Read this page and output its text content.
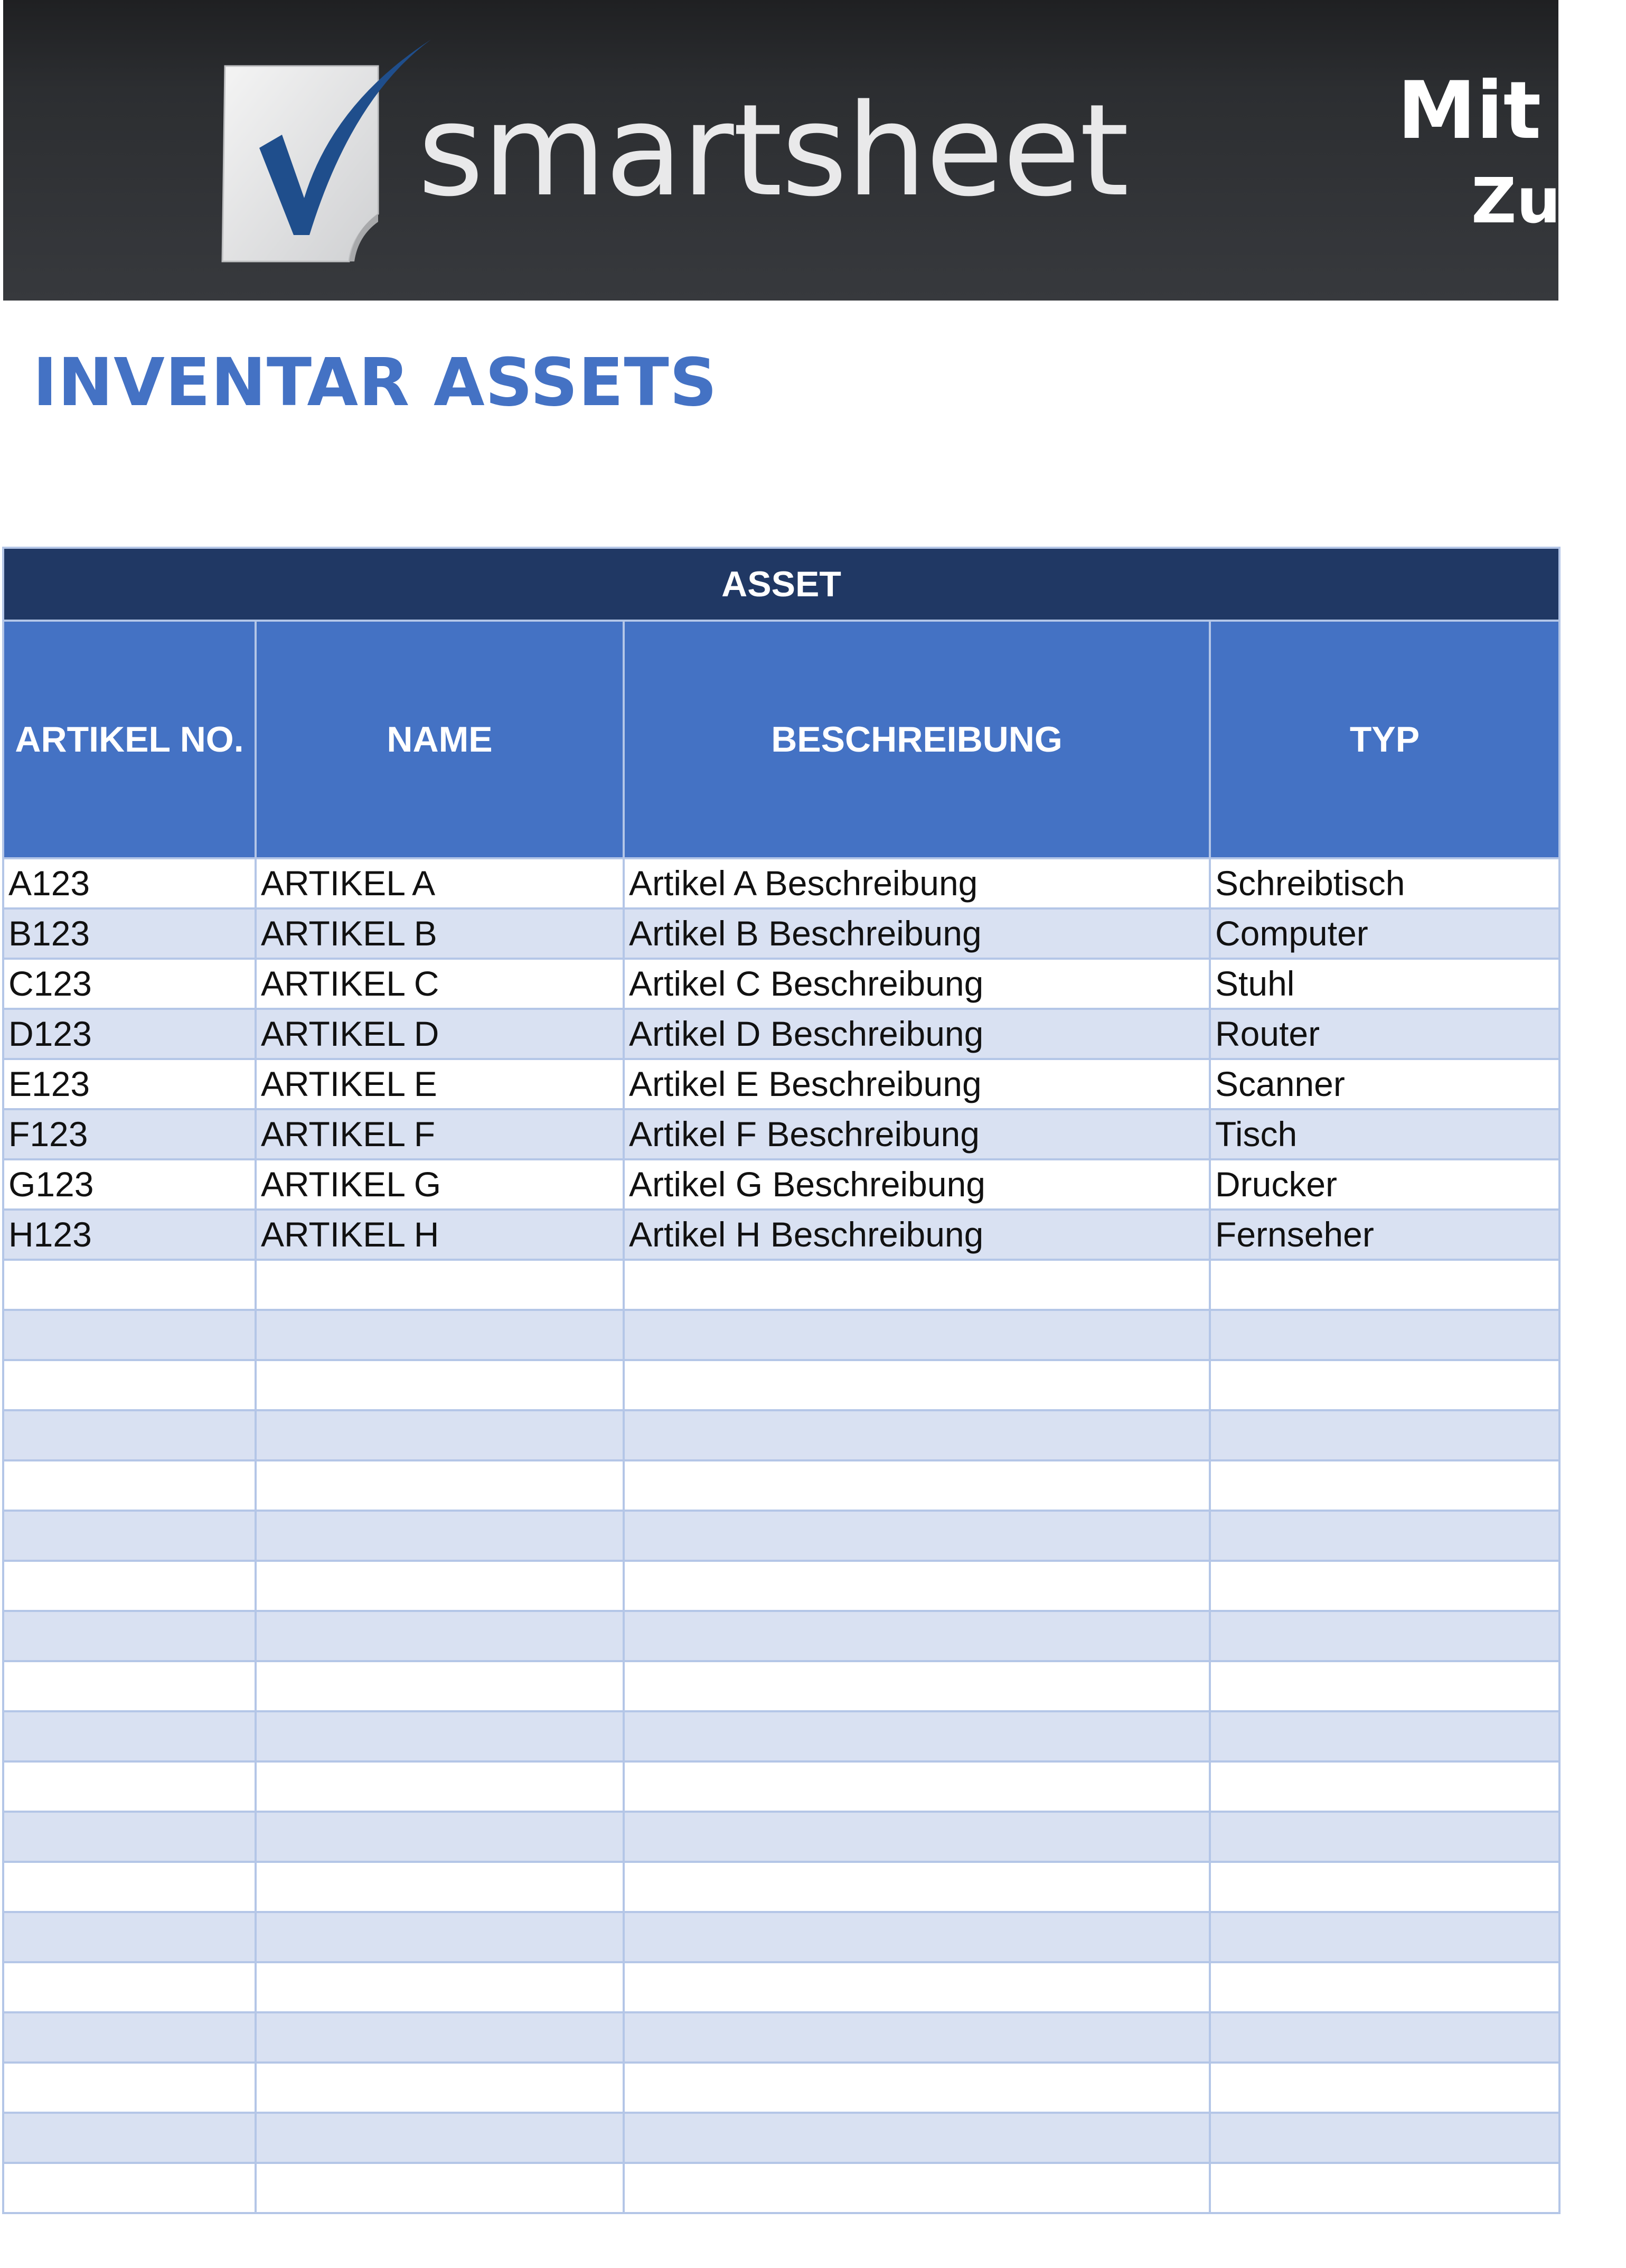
smartsheet	Mit S
Zus
INVENTAR ASSETS
ASSET			
ARTIKEL NO.	NAME	BESCHREIBUNG	TYP
A123	ARTIKEL A	Artikel A Beschreibung	Schreibtisch
B123	ARTIKEL B	Artikel B Beschreibung	Computer
C123	ARTIKEL C	Artikel C Beschreibung	Stuhl
D123	ARTIKEL D	Artikel D Beschreibung	Router
E123	ARTIKEL E	Artikel E Beschreibung	Scanner
F123	ARTIKEL F	Artikel F Beschreibung	Tisch
G123	ARTIKEL G	Artikel G Beschreibung	Drucker
H123	ARTIKEL H	Artikel H Beschreibung	Fernseher
